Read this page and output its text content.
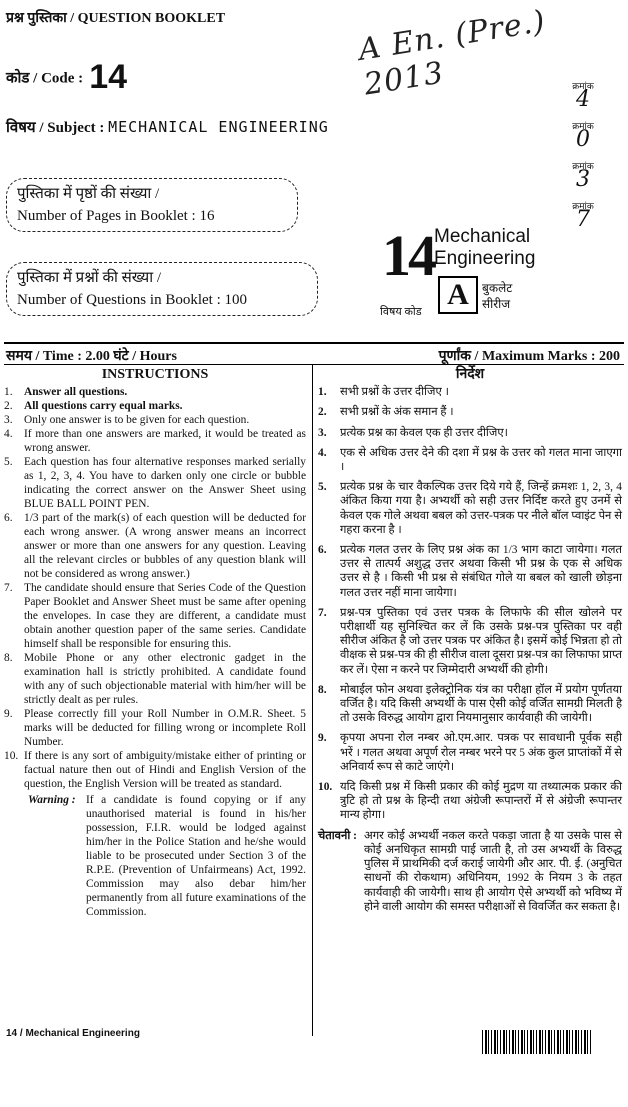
प्रश्न पुस्तिका / QUESTION BOOKLET
कोड / Code : 14
विषय / Subject : MECHANICAL ENGINEERING
A En. (Pre.) 2013	क्रमांक
4
क्रमांक
0
क्रमांक
3
क्रमांक
7
पुस्तिका में पृष्ठों की संख्या /
Number of Pages in Booklet : 16
पुस्तिका में प्रश्नों की संख्या /
Number of Questions in Booklet : 100
14 Mechanical
Engineering
विषय कोड
A	बुकलेट
सीरीज
समय / Time : 2.00 घंटे / Hours	पूर्णांक / Maximum Marks : 200
INSTRUCTIONS
1.	Answer all questions.
2.	All questions carry equal marks.
3.	Only one answer is to be given for each question.
4.	If more than one answers are marked, it would be treated as wrong answer.
5.	Each question has four alternative responses marked serially as 1, 2, 3, 4. You have to darken only one circle or bubble indicating the correct answer on the Answer Sheet using BLUE BALL POINT PEN.
6.	1/3 part of the mark(s) of each question will be deducted for each wrong answer. (A wrong answer means an incorrect answer or more than one answers for any question. Leaving all the relevant circles or bubbles of any question blank will not be considered as wrong answer.)
7.	The candidate should ensure that Series Code of the Question Paper Booklet and Answer Sheet must be same after opening the envelopes. In case they are different, a candidate must obtain another question paper of the same series. Candidate himself shall be responsible for ensuring this.
8.	Mobile Phone or any other electronic gadget in the examination hall is strictly prohibited. A candidate found with any of such objectionable material with him/her will be strictly dealt as per rules.
9.	Please correctly fill your Roll Number in O.M.R. Sheet. 5 marks will be deducted for filling wrong or incomplete Roll Number.
10. If there is any sort of ambiguity/mistake either of printing or factual nature then out of Hindi and English Version of the question, the English Version will be treated as standard.
Warning : If a candidate is found copying or if any unauthorised material is found in his/her possession, F.I.R. would be lodged against him/her in the Police Station and he/she would liable to be prosecuted under Section 3 of the R.P.E. (Prevention of Unfairmeans) Act, 1992. Commission may also debar him/her permanently from all future examinations of the Commission.
निर्देश
1.	सभी प्रश्नों के उत्तर दीजिए ।
2.	सभी प्रश्नों के अंक समान हैं ।
3.	प्रत्येक प्रश्न का केवल एक ही उत्तर दीजिए।
4.	एक से अधिक उत्तर देने की दशा में प्रश्न के उत्तर को गलत माना जाएगा ।
5.	प्रत्येक प्रश्न के चार वैकल्पिक उत्तर दिये गये हैं, जिन्हें क्रमशः 1, 2, 3, 4 अंकित किया गया है। अभ्यर्थी को सही उत्तर निर्दिष्ट करते हुए उनमें से केवल एक गोले अथवा बबल को उत्तर-पत्रक पर नीले बॉल प्वाइंट पेन से गहरा करना है ।
6.	प्रत्येक गलत उत्तर के लिए प्रश्न अंक का 1/3 भाग काटा जायेगा। गलत उत्तर से तात्पर्य अशुद्ध उत्तर अथवा किसी भी प्रश्न के एक से अधिक उत्तर से है । किसी भी प्रश्न से संबंधित गोले या बबल को खाली छोड़ना गलत उत्तर नहीं माना जायेगा।
7.	प्रश्न-पत्र पुस्तिका एवं उत्तर पत्रक के लिफाफे की सील खोलने पर परीक्षार्थी यह सुनिश्चित कर लें कि उसके प्रश्न-पत्र पुस्तिका पर वही सीरीज अंकित है जो उत्तर पत्रक पर अंकित है। इसमें कोई भिन्नता हो तो वीक्षक से प्रश्न-पत्र की ही सीरीज वाला दूसरा प्रश्न-पत्र का लिफाफा प्राप्त कर लें। ऐसा न करने पर जिम्मेदारी अभ्यर्थी की होगी।
8.	मोबाईल फोन अथवा इलेक्ट्रोनिक यंत्र का परीक्षा हॉल में प्रयोग पूर्णतया वर्जित है। यदि किसी अभ्यर्थी के पास ऐसी कोई वर्जित सामग्री मिलती है तो उसके विरुद्ध आयोग द्वारा नियमानुसार कार्यवाही की जायेगी।
9.	कृपया अपना रोल नम्बर ओ.एम.आर. पत्रक पर सावधानी पूर्वक सही भरें । गलत अथवा अपूर्ण रोल नम्बर भरने पर 5 अंक कुल प्राप्तांकों में से अनिवार्य रूप से काटे जाएंगे।
10. यदि किसी प्रश्न में किसी प्रकार की कोई मुद्रण या तथ्यात्मक प्रकार की त्रुटि हो तो प्रश्न के हिन्दी तथा अंग्रेजी रूपान्तरों में से अंग्रेजी रूपान्तर मान्य होगा।
चेतावनी : अगर कोई अभ्यर्थी नकल करते पकड़ा जाता है या उसके पास से कोई अनधिकृत सामग्री पाई जाती है, तो उस अभ्यर्थी के विरुद्ध पुलिस में प्राथमिकी दर्ज कराई जायेगी और आर. पी. ई. (अनुचित साधनों की रोकथाम) अधिनियम, 1992 के नियम 3 के तहत कार्यवाही की जायेगी। साथ ही आयोग ऐसे अभ्यर्थी को भविष्य में होने वाली आयोग की समस्त परीक्षाओं से विवर्जित कर सकता है।
14 / Mechanical Engineering
